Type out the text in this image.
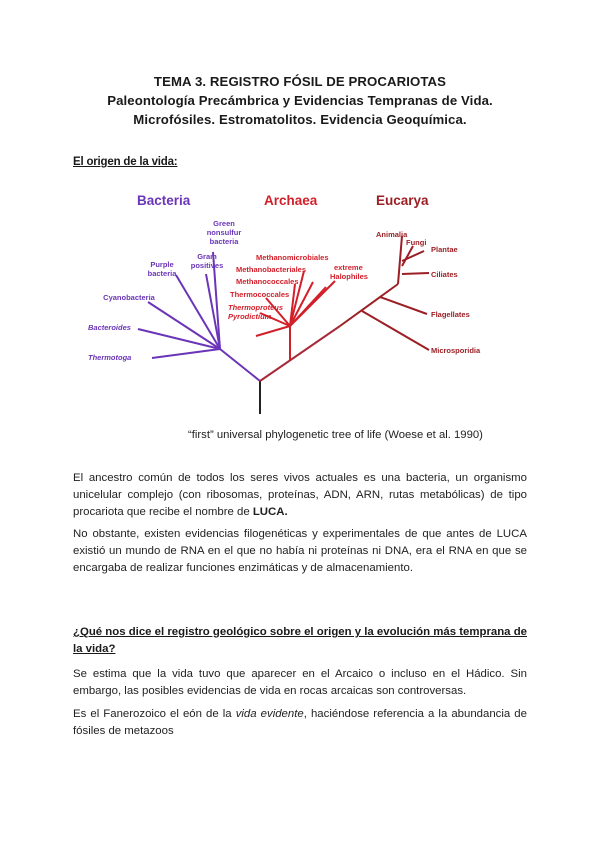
TEMA 3. REGISTRO FÓSIL DE PROCARIOTAS
Paleontología Precámbrica y Evidencias Tempranas de Vida.
Microfósiles. Estromatolitos. Evidencia Geoquímica.
El origen de la vida:
Bacteria	Archaea	Eucarya
Green
nonsulfur
bacteria
Gram
positives
Purple
bacteria
Cyanobacteria
Bacteroides
Thermotoga
Methanomicrobiales
Methanobacteriales
Methanococcales
extreme
Halophiles
Thermococcales
Thermoproteus
Pyrodictium
Animalia
Fungi
Plantae
Ciliates
Flagellates
Microsporidia
“first” universal phylogenetic tree of life (Woese et al. 1990)
El ancestro común de todos los seres vivos actuales es una bacteria, un organismo unicelular complejo (con ribosomas, proteínas, ADN, ARN, rutas metabólicas) de tipo procariota que recibe el nombre de LUCA.
No obstante, existen evidencias filogenéticas y experimentales de que antes de LUCA existió un mundo de RNA en el que no había ni proteínas ni DNA, era el RNA en que se encargaba de realizar funciones enzimáticas y de almacenamiento.
¿Qué nos dice el registro geológico sobre el origen y la evolución más temprana de la vida?
Se estima que la vida tuvo que aparecer en el Arcaico o incluso en el Hádico. Sin embargo, las posibles evidencias de vida en rocas arcaicas son controversas.
Es el Fanerozoico el eón de la vida evidente, haciéndose referencia a la abundancia de fósiles de metazoos
